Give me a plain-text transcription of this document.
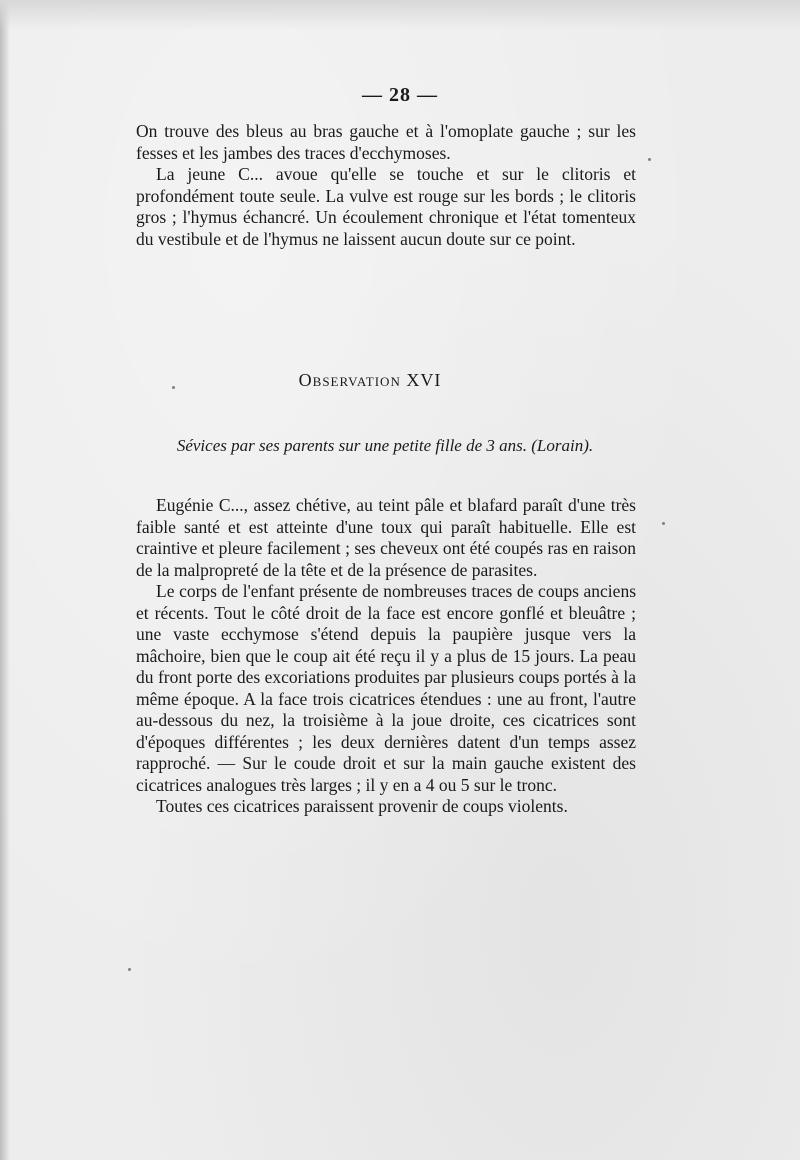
— 28 —

On trouve des bleus au bras gauche et à l'omoplate gauche ; sur les fesses et les jambes des traces d'ecchymoses.

La jeune C... avoue qu'elle se touche et sur le clitoris et profondément toute seule. La vulve est rouge sur les bords ; le clitoris gros ; l'hymus échancré. Un écoulement chronique et l'état tomenteux du vestibule et de l'hymus ne laissent aucun doute sur ce point.

Observation XVI
Sévices par ses parents sur une petite fille de 3 ans. (Lorain).

Eugénie C..., assez chétive, au teint pâle et blafard paraît d'une très faible santé et est atteinte d'une toux qui paraît habituelle. Elle est craintive et pleure facilement ; ses cheveux ont été coupés ras en raison de la malpropreté de la tête et de la présence de parasites.

Le corps de l'enfant présente de nombreuses traces de coups anciens et récents. Tout le côté droit de la face est encore gonflé et bleuâtre ; une vaste ecchymose s'étend depuis la paupière jusque vers la mâchoire, bien que le coup ait été reçu il y a plus de 15 jours. La peau du front porte des excoriations produites par plusieurs coups portés à la même époque. A la face trois cicatrices étendues : une au front, l'autre au-dessous du nez, la troisième à la joue droite, ces cicatrices sont d'époques différentes ; les deux dernières datent d'un temps assez rapproché. — Sur le coude droit et sur la main gauche existent des cicatrices analogues très larges ; il y en a 4 ou 5 sur le tronc.

Toutes ces cicatrices paraissent provenir de coups violents.
